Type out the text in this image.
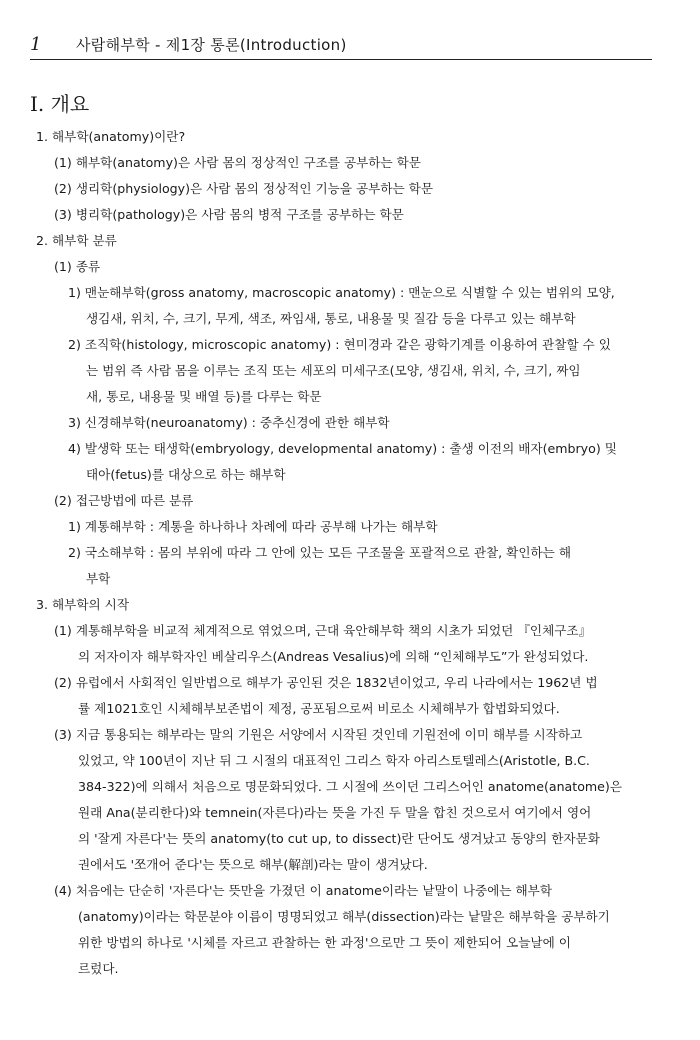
1	사람해부학 - 제1장 통론(Introduction)
I. 개요
1. 해부학(anatomy)이란?
(1) 해부학(anatomy)은 사람 몸의 정상적인 구조를 공부하는 학문
(2) 생리학(physiology)은 사람 몸의 정상적인 기능을 공부하는 학문
(3) 병리학(pathology)은 사람 몸의 병적 구조를 공부하는 학문
2. 해부학 분류
(1) 종류
1) 맨눈해부학(gross anatomy, macroscopic anatomy) : 맨눈으로 식별할 수 있는 범위의 모양,
생김새, 위치, 수, 크기, 무게, 색조, 짜임새, 통로, 내용물 및 질감 등을 다루고 있는 해부학
2) 조직학(histology, microscopic anatomy) : 현미경과 같은 광학기계를 이용하여 관찰할 수 있
는 범위 즉 사람 몸을 이루는 조직 또는 세포의 미세구조(모양, 생김새, 위치, 수, 크기, 짜임
새, 통로, 내용물 및 배열 등)를 다루는 학문
3) 신경해부학(neuroanatomy) : 중추신경에 관한 해부학
4) 발생학 또는 태생학(embryology, developmental anatomy) : 출생 이전의 배자(embryo) 및
태아(fetus)를 대상으로 하는 해부학
(2) 접근방법에 따른 분류
1) 계통해부학 : 계통을 하나하나 차례에 따라 공부해 나가는 해부학
2) 국소해부학 : 몸의 부위에 따라 그 안에 있는 모든 구조물을 포괄적으로 관찰, 확인하는 해
부학
3. 해부학의 시작
(1) 계통해부학을 비교적 체계적으로 엮었으며, 근대 육안해부학 책의 시초가 되었던 『인체구조』
의 저자이자 해부학자인 베살리우스(Andreas Vesalius)에 의해 “인체해부도”가 완성되었다.
(2) 유럽에서 사회적인 일반법으로 해부가 공인된 것은 1832년이었고, 우리 나라에서는 1962년 법
률 제1021호인 시체해부보존법이 제정, 공포됨으로써 비로소 시체해부가 합법화되었다.
(3) 지금 통용되는 해부라는 말의 기원은 서양에서 시작된 것인데 기원전에 이미 해부를 시작하고
있었고, 약 100년이 지난 뒤 그 시절의 대표적인 그리스 학자 아리스토텔레스(Aristotle, B.C.
384-322)에 의해서 처음으로 명문화되었다. 그 시절에 쓰이던 그리스어인 anatome(anatome)은
원래 Ana(분리한다)와 temnein(자른다)라는 뜻을 가진 두 말을 합친 것으로서 여기에서 영어
의 '잘게 자른다'는 뜻의 anatomy(to cut up, to dissect)란 단어도 생겨났고 동양의 한자문화
권에서도 '쪼개어 준다'는 뜻으로 해부(解剖)라는 말이 생겨났다.
(4) 처음에는 단순히 '자른다'는 뜻만을 가졌던 이 anatome이라는 낱말이 나중에는 해부학
(anatomy)이라는 학문분야 이름이 명명되었고 해부(dissection)라는 낱말은 해부학을 공부하기
위한 방법의 하나로 '시체를 자르고 관찰하는 한 과정'으로만 그 뜻이 제한되어 오늘날에 이
르렀다.
